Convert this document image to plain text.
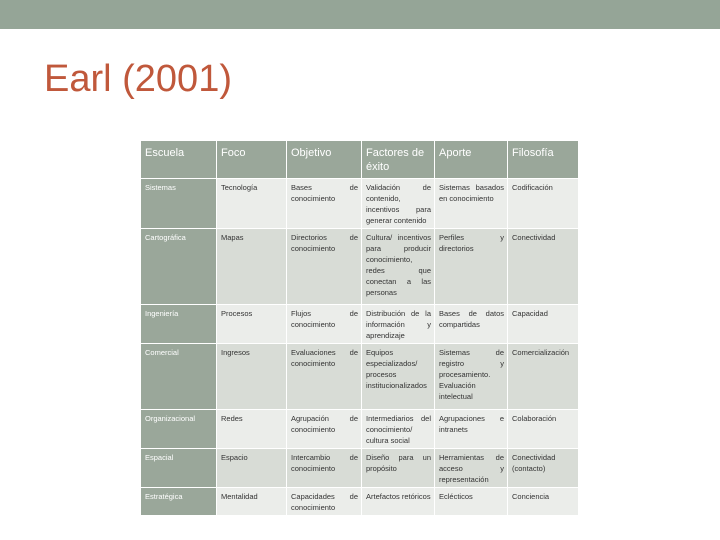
Earl (2001)
Escuela	Foco	Objetivo	Factores de éxito	Aporte	Filosofía
Sistemas	Tecnología	Bases de conocimiento	Validación de contenido, incentivos para generar contenido	Sistemas basados en conocimiento	Codificación
Cartográfica	Mapas	Directorios de conocimiento	Cultura/ incentivos para producir conocimiento, redes que conectan a las personas	Perfiles y directorios	Conectividad
Ingeniería	Procesos	Flujos de conocimiento	Distribución de la información y aprendizaje	Bases de datos compartidas	Capacidad
Comercial	Ingresos	Evaluaciones de conocimiento	Equipos especializados/ procesos institucionalizados	Sistemas de registro y procesamiento. Evaluación intelectual	Comercialización
Organizacional	Redes	Agrupación de conocimiento	Intermediarios del conocimiento/ cultura social	Agrupaciones e intranets	Colaboración
Espacial	Espacio	Intercambio de conocimiento	Diseño para un propósito	Herramientas de acceso y representación	Conectividad (contacto)
Estratégica	Mentalidad	Capacidades de conocimiento	Artefactos retóricos	Eclécticos	Conciencia
